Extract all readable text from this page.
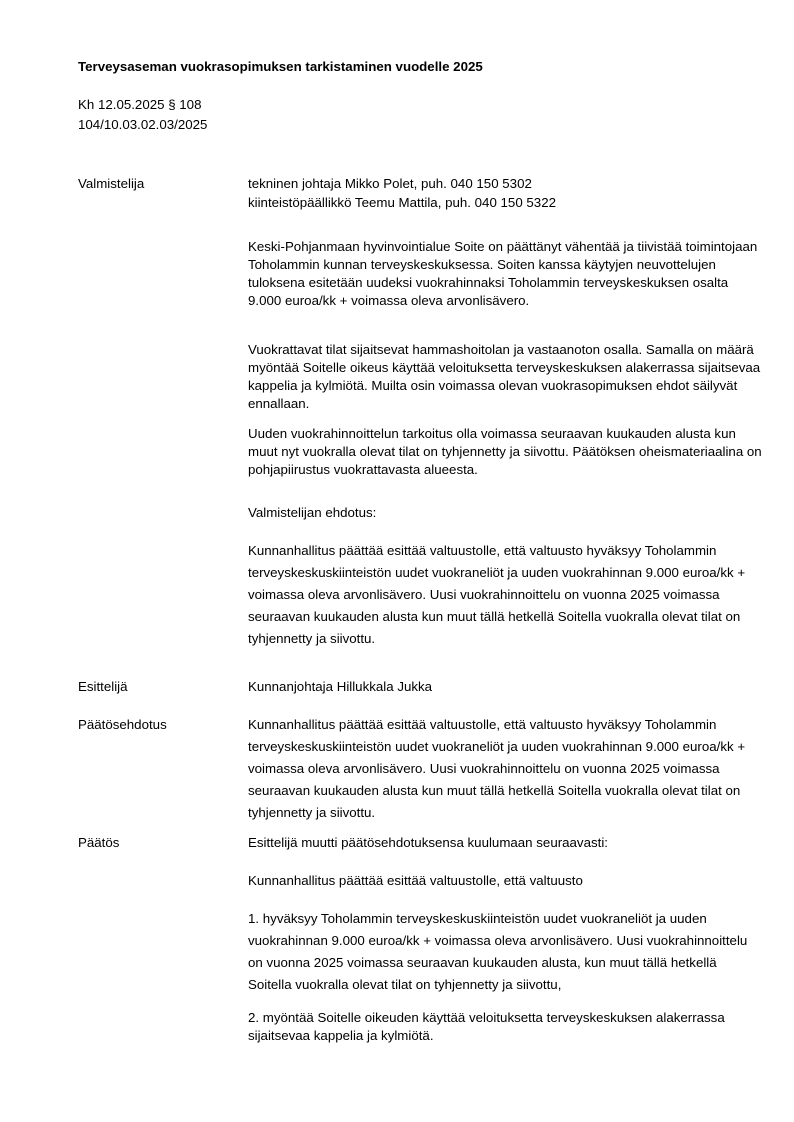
Terveysaseman vuokrasopimuksen tarkistaminen vuodelle 2025
Kh 12.05.2025 § 108
104/10.03.02.03/2025
Valmistelija	tekninen johtaja Mikko Polet, puh. 040 150 5302
kiinteistöpäällikkö Teemu Mattila, puh. 040 150 5322
Keski-Pohjanmaan hyvinvointialue Soite on päättänyt vähentää ja tiivistää toimintojaan Toholammin kunnan terveyskeskuksessa. Soiten kanssa käytyjen neuvottelujen tuloksena esitetään uudeksi vuokrahinnaksi Toholammin terveyskeskuksen osalta 9.000 euroa/kk + voimassa oleva arvonlisävero.
Vuokrattavat tilat sijaitsevat hammashoitolan ja vastaanoton osalla. Samalla on määrä myöntää Soitelle oikeus käyttää veloituksetta terveyskeskuksen alakerrassa sijaitsevaa kappelia ja kylmiötä. Muilta osin voimassa olevan vuokrasopimuksen ehdot säilyvät ennallaan.
Uuden vuokrahinnoittelun tarkoitus olla voimassa seuraavan kuukauden alusta kun muut nyt vuokralla olevat tilat on tyhjennetty ja siivottu. Päätöksen oheismateriaalina on pohjapiirustus vuokrattavasta alueesta.
Valmistelijan ehdotus:
Kunnanhallitus päättää esittää valtuustolle, että valtuusto hyväksyy Toholammin terveyskeskuskiinteistön uudet vuokraneliöt ja uuden vuokrahinnan 9.000 euroa/kk + voimassa oleva arvonlisävero. Uusi vuokrahinnoittelu on vuonna 2025 voimassa seuraavan kuukauden alusta kun muut tällä hetkellä Soitella vuokralla olevat tilat on tyhjennetty ja siivottu.
Esittelijä	Kunnanjohtaja Hillukkala Jukka
Päätösehdotus	Kunnanhallitus päättää esittää valtuustolle, että valtuusto hyväksyy Toholammin terveyskeskuskiinteistön uudet vuokraneliöt ja uuden vuokrahinnan 9.000 euroa/kk + voimassa oleva arvonlisävero. Uusi vuokrahinnoittelu on vuonna 2025 voimassa seuraavan kuukauden alusta kun muut tällä hetkellä Soitella vuokralla olevat tilat on tyhjennetty ja siivottu.
Päätös	Esittelijä muutti päätösehdotuksensa kuulumaan seuraavasti:
Kunnanhallitus päättää esittää valtuustolle, että valtuusto
1. hyväksyy Toholammin terveyskeskuskiinteistön uudet vuokraneliöt ja uuden vuokrahinnan 9.000 euroa/kk + voimassa oleva arvonlisävero. Uusi vuokrahinnoittelu on vuonna 2025 voimassa seuraavan kuukauden alusta, kun muut tällä hetkellä Soitella vuokralla olevat tilat on tyhjennetty ja siivottu,
2. myöntää Soitelle oikeuden käyttää veloituksetta terveyskeskuksen alakerrassa sijaitsevaa kappelia ja kylmiötä.
